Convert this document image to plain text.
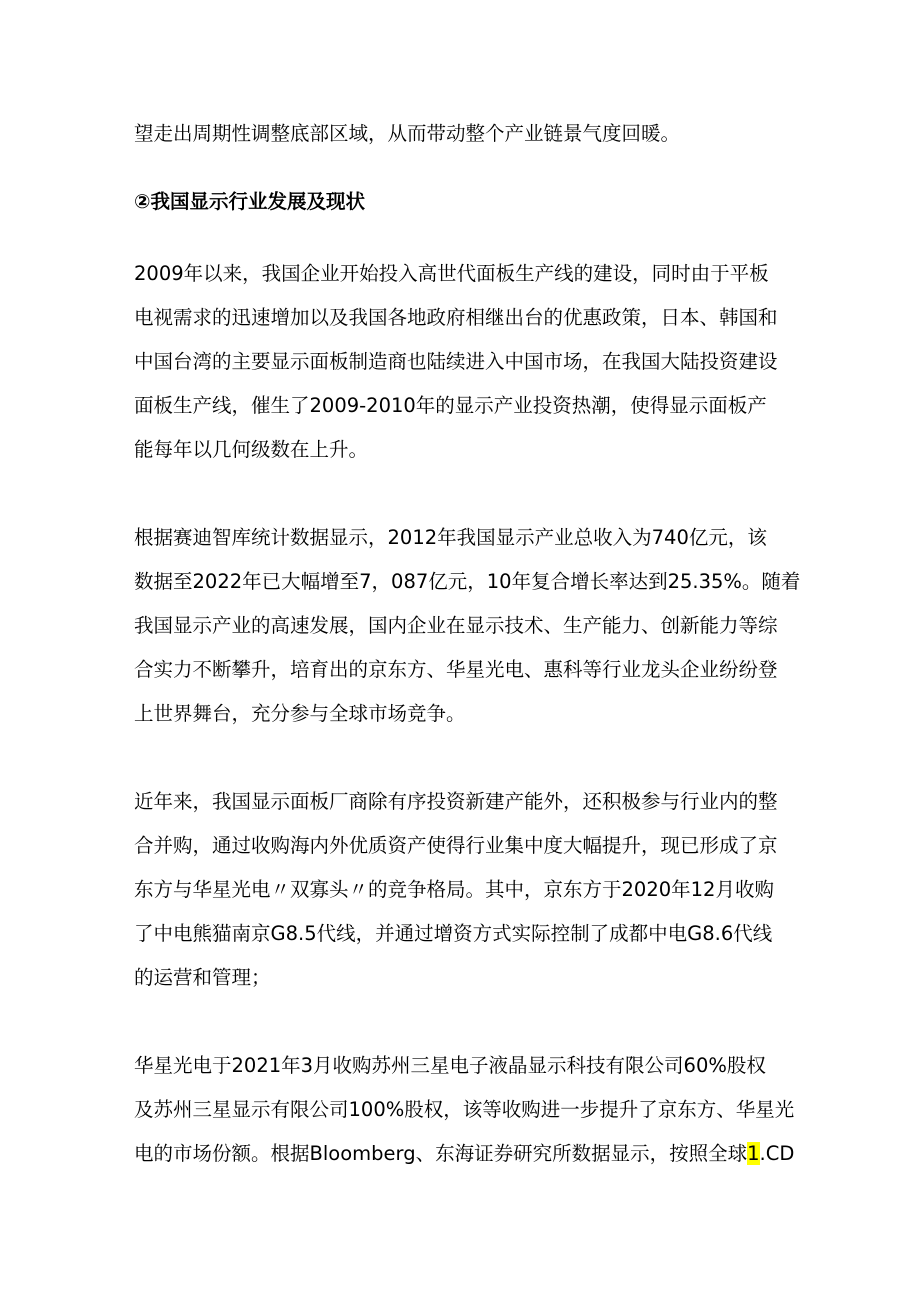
望走出周期性调整底部区域，从而带动整个产业链景气度回暖。
②我国显示行业发展及现状
2009年以来，我国企业开始投入高世代面板生产线的建设，同时由于平板
电视需求的迅速增加以及我国各地政府相继出台的优惠政策，日本、韩国和
中国台湾的主要显示面板制造商也陆续进入中国市场，在我国大陆投资建设
面板生产线，催生了2009-2010年的显示产业投资热潮，使得显示面板产
能每年以几何级数在上升。
根据赛迪智库统计数据显示，2012年我国显示产业总收入为740亿元，该
数据至2022年已大幅增至7，087亿元，10年复合增长率达到25.35%。随着
我国显示产业的高速发展，国内企业在显示技术、生产能力、创新能力等综
合实力不断攀升，培育出的京东方、华星光电、惠科等行业龙头企业纷纷登
上世界舞台，充分参与全球市场竞争。
近年来，我国显示面板厂商除有序投资新建产能外，还积极参与行业内的整
合并购，通过收购海内外优质资产使得行业集中度大幅提升，现已形成了京
东方与华星光电〃双寡头〃的竞争格局。其中，京东方于2020年12月收购
了中电熊猫南京G8.5代线，并通过增资方式实际控制了成都中电G8.6代线
的运营和管理；
华星光电于2021年3月收购苏州三星电子液晶显示科技有限公司60%股权
及苏州三星显示有限公司100%股权，该等收购进一步提升了京东方、华星光
电的市场份额。根据Bloomberg、东海证券研究所数据显示，按照全球1.CD
